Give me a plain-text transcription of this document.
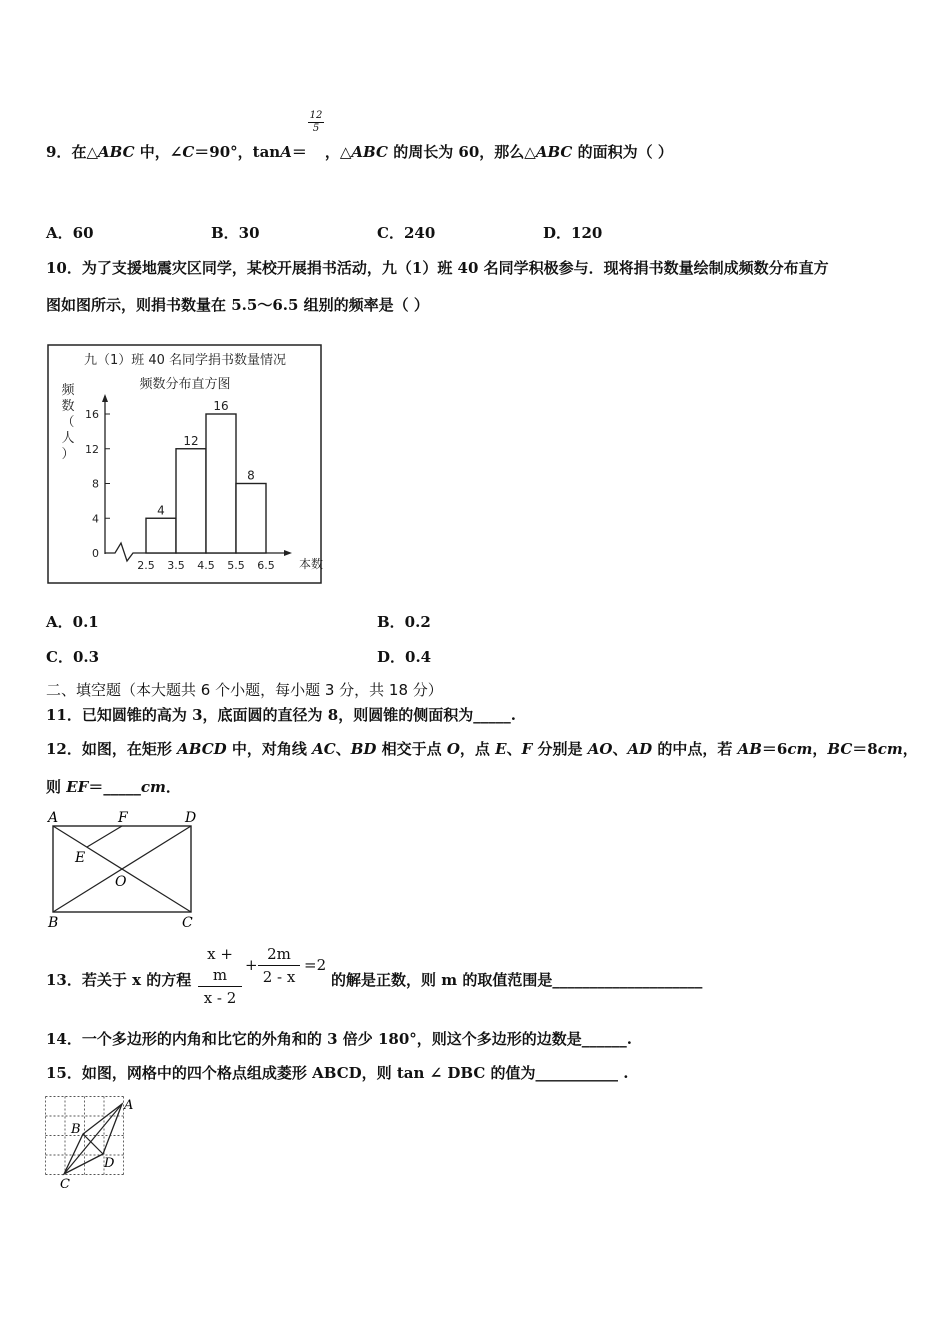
9．在△ABC 中，∠C＝90°，tanA＝ ，△ABC 的周长为 60，那么△ABC 的面积为（ ）
$\frac{12}{5}$
A．60	B．30	C．240	D．120
10．为了支援地震灾区同学，某校开展捐书活动，九（1）班 40 名同学积极参与．现将捐书数量绘制成频数分布直方
图如图所示，则捐书数量在 5.5～6.5 组别的频率是（ ）
九（1）班 40 名同学捐书数量情况
频数分布直方图
频
数
（
人
）
0
4
8
12
16
4
12
16
8
2.5 3.5 4.5 5.5 6.5 本数
A．0.1	B．0.2
C．0.3	D．0.4
二、填空题（本大题共 6 个小题，每小题 3 分，共 18 分）
11．已知圆锥的高为 3，底面圆的直径为 8，则圆锥的侧面积为_____.
12．如图，在矩形 ABCD 中，对角线 AC、BD 相交于点 O，点 E、F 分别是 AO、AD 的中点，若 AB＝6cm，BC＝8cm，
则 EF＝_____cm．
A	F	D
E
O
B	C
13．若关于 x 的方程 $\frac{x + m}{x - 2} + \frac{2m}{2 - x} =2$
的解是正数，则 m 的取值范围是____________________
14．一个多边形的内角和比它的外角和的 3 倍少 180°，则这个多边形的边数是______.
15．如图，网格中的四个格点组成菱形 ABCD，则 tan ∠ DBC 的值为___________ .
A
B
D
C
